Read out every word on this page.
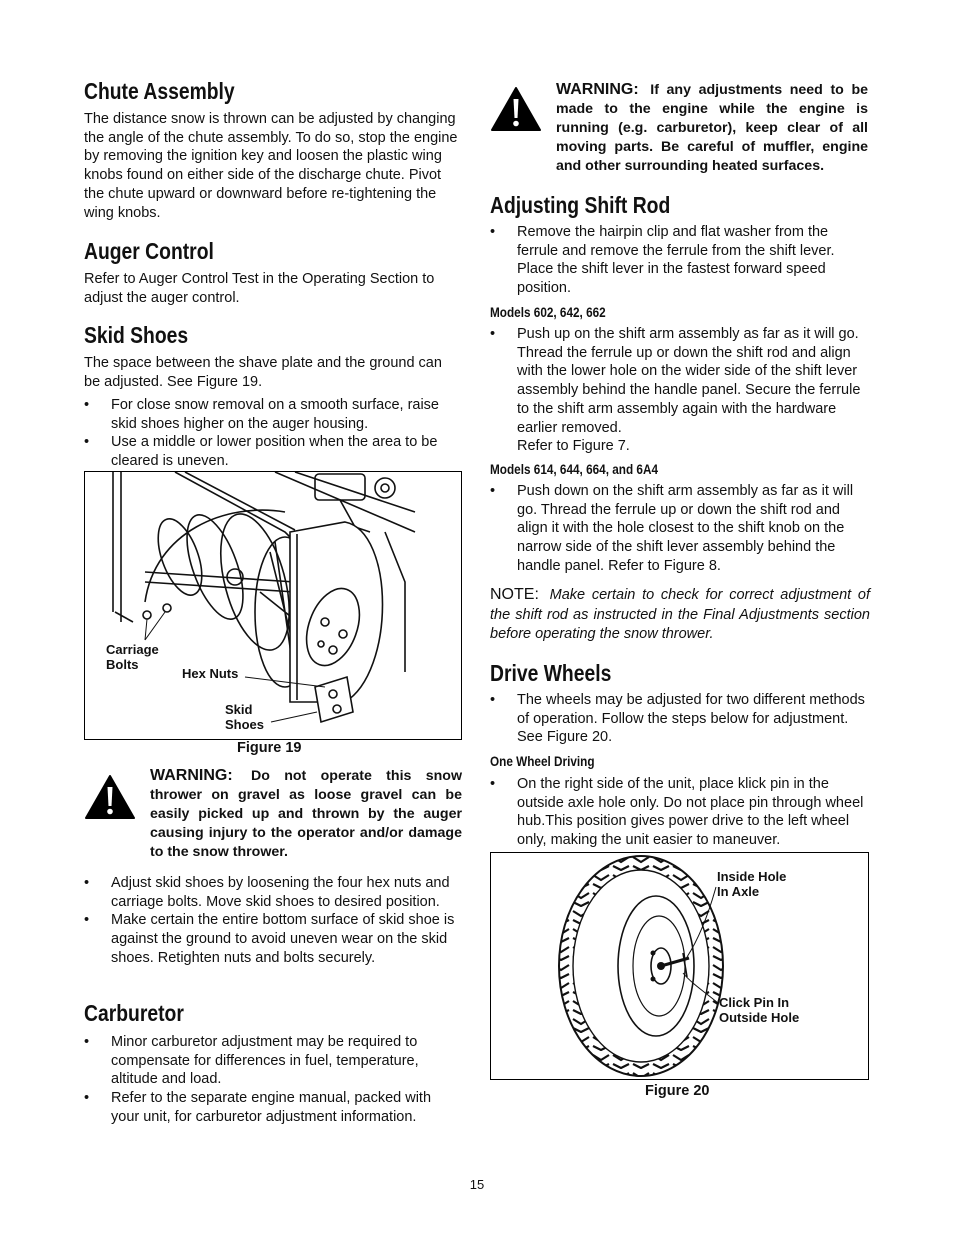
Chute Assembly

The distance snow is thrown can be adjusted by changing the angle of the chute assembly. To do so, stop the engine by removing the ignition key and loosen the plastic wing knobs found on either side of the discharge chute. Pivot the chute upward or downward before re-tightening the wing knobs.

Auger Control

Refer to Auger Control Test in the Operating Section to adjust the auger control.

Skid Shoes

The space between the shave plate and the ground can be adjusted. See Figure 19.

• For close snow removal on a smooth surface, raise skid shoes higher on the auger housing.
• Use a middle or lower position when the area to be cleared is uneven.
Carriage
Bolts
Hex Nuts
Skid
Shoes
Figure 19
WARNING: Do not operate this snow thrower on gravel as loose gravel can be easily picked up and thrown by the auger causing injury to the operator and/or damage to the snow thrower.
• Adjust skid shoes by loosening the four hex nuts and carriage bolts. Move skid shoes to desired position.
• Make certain the entire bottom surface of skid shoe is against the ground to avoid uneven wear on the skid shoes. Retighten nuts and bolts securely.
Carburetor
• Minor carburetor adjustment may be required to compensate for differences in fuel, temperature, altitude and load.
• Refer to the separate engine manual, packed with your unit, for carburetor adjustment information.
WARNING: If any adjustments need to be made to the engine while the engine is running (e.g. carburetor), keep clear of all moving parts. Be careful of muffler, engine and other surrounding heated surfaces.
Adjusting Shift Rod
• Remove the hairpin clip and flat washer from the ferrule and remove the ferrule from the shift lever. Place the shift lever in the fastest forward speed position.
Models 602, 642, 662
• Push up on the shift arm assembly as far as it will go. Thread the ferrule up or down the shift rod and align with the lower hole on the wider side of the shift lever assembly behind the handle panel. Secure the ferrule to the shift arm assembly again with the hardware earlier removed.
Refer to Figure 7.
Models 614, 644, 664, and 6A4
• Push down on the shift arm assembly as far as it will go. Thread the ferrule up or down the shift rod and align it with the hole closest to the shift knob on the narrow side of the shift lever assembly behind the handle panel. Refer to Figure 8.
NOTE: Make certain to check for correct adjustment of the shift rod as instructed in the Final Adjustments section before operating the snow thrower.
Drive Wheels
• The wheels may be adjusted for two different methods of operation. Follow the steps below for adjustment. See Figure 20.
One Wheel Driving
• On the right side of the unit, place klick pin in the outside axle hole only. Do not place pin through wheel hub.This position gives power drive to the left wheel only, making the unit easier to maneuver.
Inside Hole
In Axle
Click Pin In
Outside Hole
Figure 20
15
